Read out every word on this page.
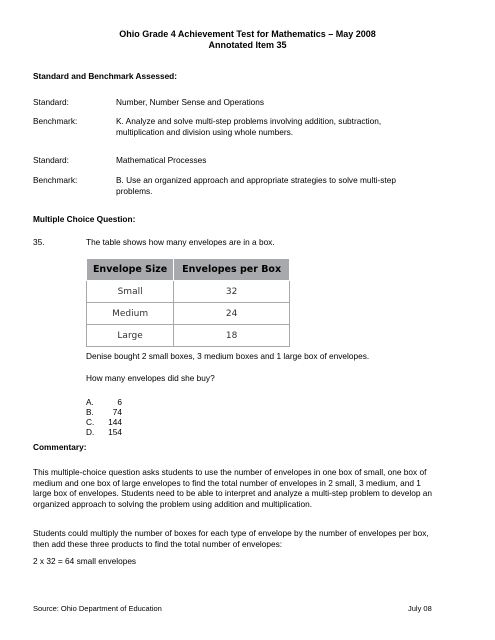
Ohio Grade 4 Achievement Test for Mathematics – May 2008
Annotated Item 35
Standard and Benchmark Assessed:
Standard:	Number, Number Sense and Operations
Benchmark:	K. Analyze and solve multi-step problems involving addition, subtraction, multiplication and division using whole numbers.
Standard:	Mathematical Processes
Benchmark:	B. Use an organized approach and appropriate strategies to solve multi-step problems.
Multiple Choice Question:
35.	The table shows how many envelopes are in a box.
Envelope Size	Envelopes per Box
Small	32
Medium	24
Large	18
Denise bought 2 small boxes, 3 medium boxes and 1 large box of envelopes.
How many envelopes did she buy?
A.	6
B. 74
C. 144
D. 154
Commentary:
This multiple-choice question asks students to use the number of envelopes in one box of small, one box of medium and one box of large envelopes to find the total number of envelopes in 2 small, 3 medium, and 1 large box of envelopes. Students need to be able to interpret and analyze a multi-step problem to develop an organized approach to solving the problem using addition and multiplication.
Students could multiply the number of boxes for each type of envelope by the number of envelopes per box, then add these three products to find the total number of envelopes:
2 x 32 = 64 small envelopes
Source: Ohio Department of Education	July 08
